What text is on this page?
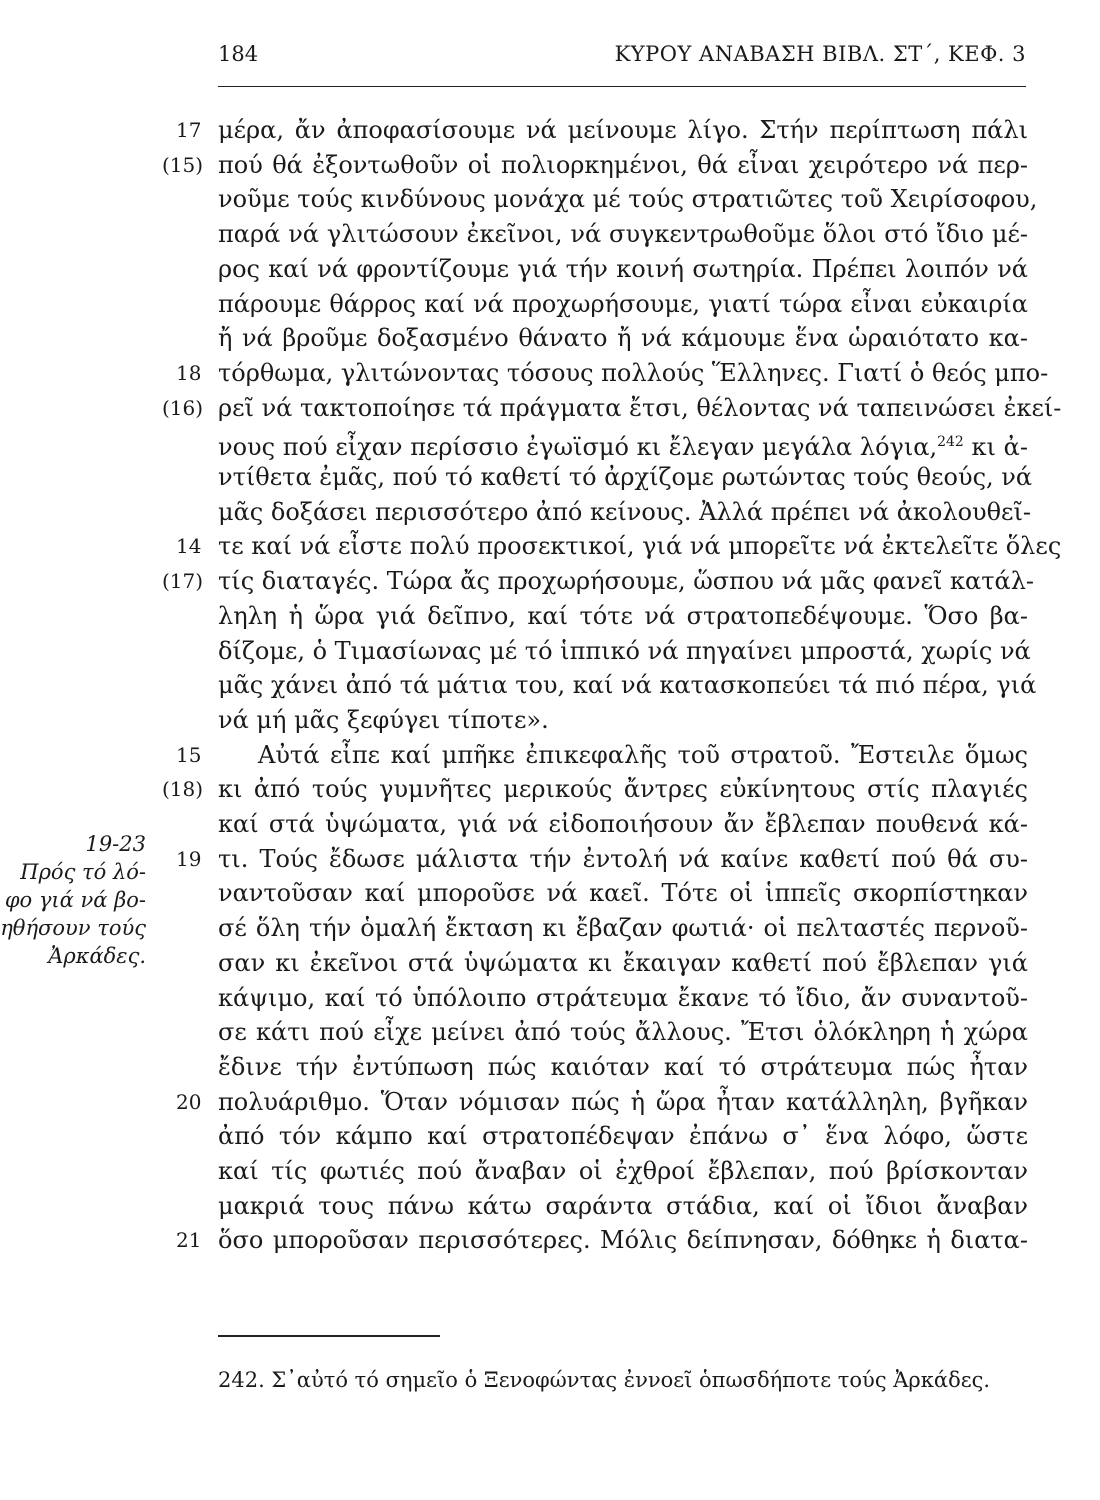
184	ΚΥΡΟΥ ΑΝΑΒΑΣΗ ΒΙΒΛ. ΣΤ΄, ΚΕΦ. 3
17
(15)
18
(16)
14
(17)
15
(18)
19
20
21
μέρα, ἄν ἀποφασίσουμε νά μείνουμε λίγο. Στήν περίπτωση πάλι
πού θά ἐξοντωθοῦν οἱ πολιορκημένοι, θά εἶναι χειρότερο νά περ-
νοῦμε τούς κινδύνους μονάχα μέ τούς στρατιῶτες τοῦ Χειρίσοφου,
παρά νά γλιτώσουν ἐκεῖνοι, νά συγκεντρωθοῦμε ὅλοι στό ἴδιο μέ-
ρος καί νά φροντίζουμε γιά τήν κοινή σωτηρία. Πρέπει λοιπόν νά
πάρουμε θάρρος καί νά προχωρήσουμε, γιατί τώρα εἶναι εὐκαιρία
ἤ νά βροῦμε δοξασμένο θάνατο ἤ νά κάμουμε ἕνα ὡραιότατο κα-
τόρθωμα, γλιτώνοντας τόσους πολλούς Ἕλληνες. Γιατί ὁ θεός μπο-
ρεῖ νά τακτοποίησε τά πράγματα ἔτσι, θέλοντας νά ταπεινώσει ἐκεί-
νους πού εἶχαν περίσσιο ἐγωϊσμό κι ἔλεγαν μεγάλα λόγια,$^{242}$ κι ἀ-
ντίθετα ἐμᾶς, πού τό καθετί τό ἀρχίζομε ρωτώντας τούς θεούς, νά
μᾶς δοξάσει περισσότερο ἀπό κείνους. Ἀλλά πρέπει νά ἀκολουθεῖ-
τε καί νά εἶστε πολύ προσεκτικοί, γιά νά μπορεῖτε νά ἐκτελεῖτε ὅλες
τίς διαταγές. Τώρα ἄς προχωρήσουμε, ὥσπου νά μᾶς φανεῖ κατάλ-
ληλη ἡ ὥρα γιά δεῖπνο, καί τότε νά στρατοπεδέψουμε. Ὅσο βα-
δίζομε, ὁ Τιμασίωνας μέ τό ἱππικό νά πηγαίνει μπροστά, χωρίς νά
μᾶς χάνει ἀπό τά μάτια του, καί νά κατασκοπεύει τά πιό πέρα, γιά
νά μή μᾶς ξεφύγει τίποτε».
Αὐτά εἶπε καί μπῆκε ἐπικεφαλῆς τοῦ στρατοῦ. Ἔστειλε ὅμως
κι ἀπό τούς γυμνῆτες μερικούς ἄντρες εὐκίνητους στίς πλαγιές
καί στά ὑψώματα, γιά νά εἰδοποιήσουν ἄν ἔβλεπαν πουθενά κά-
τι. Τούς ἔδωσε μάλιστα τήν ἐντολή νά καίνε καθετί πού θά συ-
ναντοῦσαν καί μποροῦσε νά καεῖ. Τότε οἱ ἱππεῖς σκορπίστηκαν
σέ ὅλη τήν ὁμαλή ἔκταση κι ἔβαζαν φωτιά· οἱ πελταστές περνοῦ-
σαν κι ἐκεῖνοι στά ὑψώματα κι ἔκαιγαν καθετί πού ἔβλεπαν γιά
κάψιμο, καί τό ὑπόλοιπο στράτευμα ἔκανε τό ἴδιο, ἄν συναντοῦ-
σε κάτι πού εἶχε μείνει ἀπό τούς ἄλλους. Ἔτσι ὁλόκληρη ἡ χώρα
ἔδινε τήν ἐντύπωση πώς καιόταν καί τό στράτευμα πώς ἦταν
πολυάριθμο. Ὅταν νόμισαν πώς ἡ ὥρα ἦταν κατάλληλη, βγῆκαν
ἀπό τόν κάμπο καί στρατοπέδεψαν ἐπάνω σ᾿ ἕνα λόφο, ὥστε
καί τίς φωτιές πού ἄναβαν οἱ ἐχθροί ἔβλεπαν, πού βρίσκονταν
μακριά τους πάνω κάτω σαράντα στάδια, καί οἱ ἴδιοι ἄναβαν
ὅσο μποροῦσαν περισσότερες. Μόλις δείπνησαν, δόθηκε ἡ διατα-
19-23
Πρός τό λό-
φο γιά νά βο-
ηθήσουν τούς
Ἀρκάδες.
242. Σ᾿αὐτό τό σημεῖο ὁ Ξενοφώντας ἐννοεῖ ὁπωσδήποτε τούς Ἀρκάδες.
